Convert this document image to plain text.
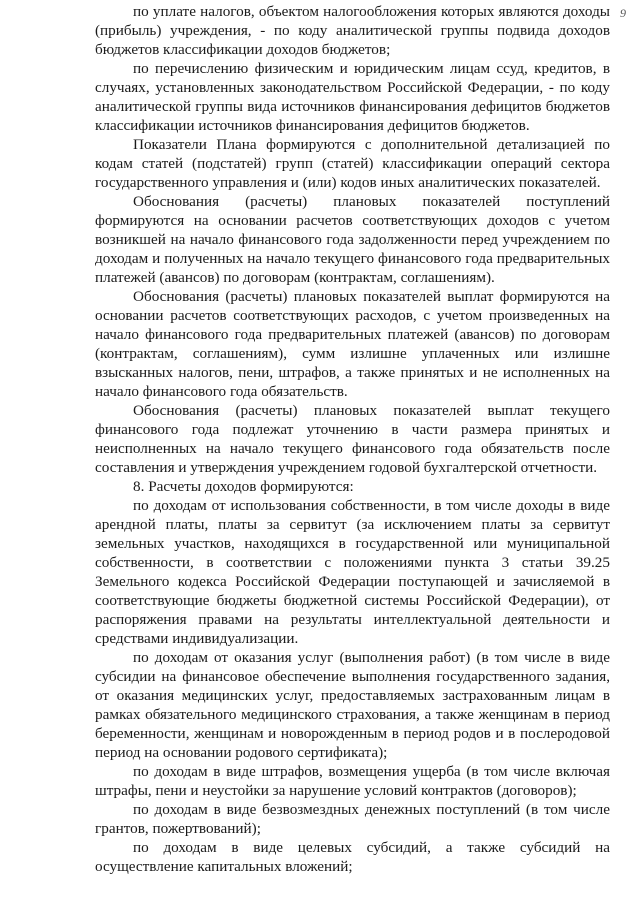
9

по уплате налогов, объектом налогообложения которых являются доходы (прибыль) учреждения, - по коду аналитической группы подвида доходов бюджетов классификации доходов бюджетов;

по перечислению физическим и юридическим лицам ссуд, кредитов, в случаях, установленных законодательством Российской Федерации, - по коду аналитической группы вида источников финансирования дефицитов бюджетов классификации источников финансирования дефицитов бюджетов.

Показатели Плана формируются с дополнительной детализацией по кодам статей (подстатей) групп (статей) классификации операций сектора государственного управления и (или) кодов иных аналитических показателей.

Обоснования (расчеты) плановых показателей поступлений формируются на основании расчетов соответствующих доходов с учетом возникшей на начало финансового года задолженности перед учреждением по доходам и полученных на начало текущего финансового года предварительных платежей (авансов) по договорам (контрактам, соглашениям).

Обоснования (расчеты) плановых показателей выплат формируются на основании расчетов соответствующих расходов, с учетом произведенных на начало финансового года предварительных платежей (авансов) по договорам (контрактам, соглашениям), сумм излишне уплаченных или излишне взысканных налогов, пени, штрафов, а также принятых и не исполненных на начало финансового года обязательств.

Обоснования (расчеты) плановых показателей выплат текущего финансового года подлежат уточнению в части размера принятых и неисполненных на начало текущего финансового года обязательств после составления и утверждения учреждением годовой бухгалтерской отчетности.

8. Расчеты доходов формируются:

по доходам от использования собственности, в том числе доходы в виде арендной платы, платы за сервитут (за исключением платы за сервитут земельных участков, находящихся в государственной или муниципальной собственности, в соответствии с положениями пункта 3 статьи 39.25 Земельного кодекса Российской Федерации поступающей и зачисляемой в соответствующие бюджеты бюджетной системы Российской Федерации), от распоряжения правами на результаты интеллектуальной деятельности и средствами индивидуализации.

по доходам от оказания услуг (выполнения работ) (в том числе в виде субсидии на финансовое обеспечение выполнения государственного задания, от оказания медицинских услуг, предоставляемых застрахованным лицам в рамках обязательного медицинского страхования, а также женщинам в период беременности, женщинам и новорожденным в период родов и в послеродовой период на основании родового сертификата);

по доходам в виде штрафов, возмещения ущерба (в том числе включая штрафы, пени и неустойки за нарушение условий контрактов (договоров);

по доходам в виде безвозмездных денежных поступлений (в том числе грантов, пожертвований);

по доходам в виде целевых субсидий, а также субсидий на осуществление капитальных вложений;
